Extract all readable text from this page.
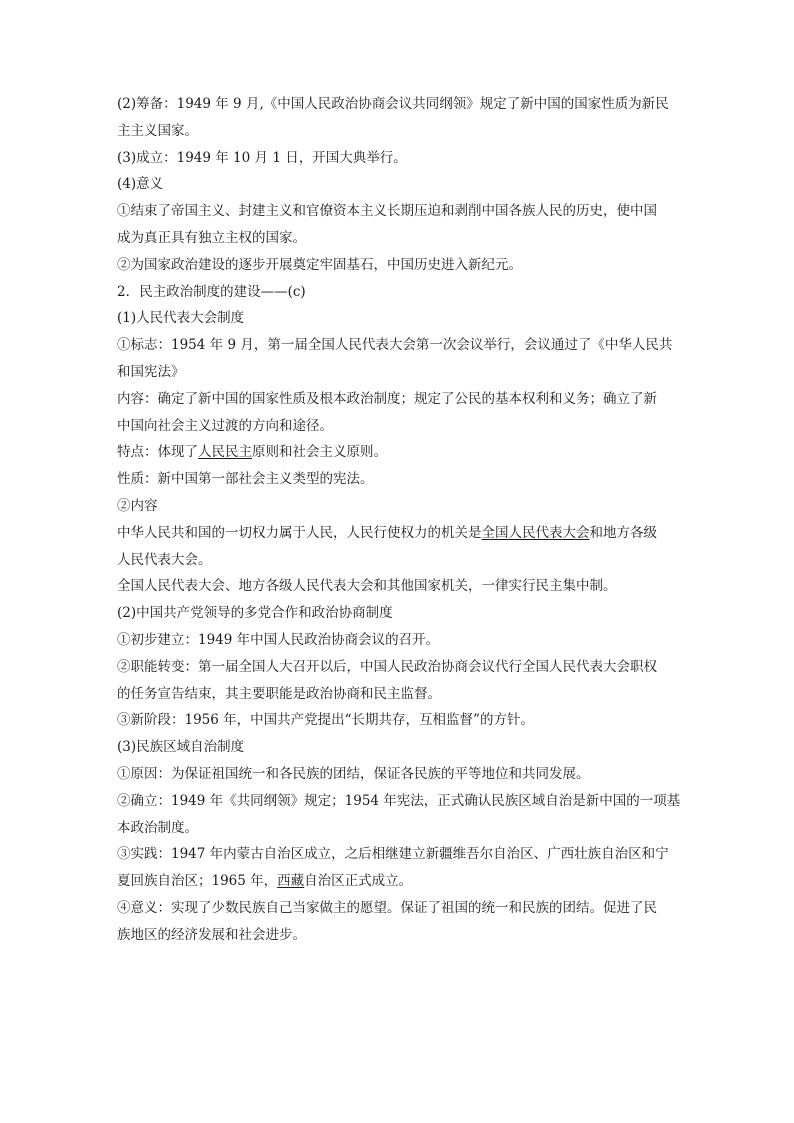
(2)筹备：1949 年 9 月,《中国人民政治协商会议共同纲领》规定了新中国的国家性质为新民
主主义国家。
(3)成立：1949 年 10 月 1 日，开国大典举行。
(4)意义
①结束了帝国主义、封建主义和官僚资本主义长期压迫和剥削中国各族人民的历史，使中国
成为真正具有独立主权的国家。
②为国家政治建设的逐步开展奠定牢固基石，中国历史进入新纪元。
2．民主政治制度的建设——(c)
(1)人民代表大会制度
①标志：1954 年 9 月，第一届全国人民代表大会第一次会议举行，会议通过了《中华人民共
和国宪法》
内容：确定了新中国的国家性质及根本政治制度；规定了公民的基本权利和义务；确立了新
中国向社会主义过渡的方向和途径。
特点：体现了人民民主原则和社会主义原则。
性质：新中国第一部社会主义类型的宪法。
②内容
中华人民共和国的一切权力属于人民，人民行使权力的机关是全国人民代表大会和地方各级
人民代表大会。
全国人民代表大会、地方各级人民代表大会和其他国家机关，一律实行民主集中制。
(2)中国共产党领导的多党合作和政治协商制度
①初步建立：1949 年中国人民政治协商会议的召开。
②职能转变：第一届全国人大召开以后，中国人民政治协商会议代行全国人民代表大会职权
的任务宣告结束，其主要职能是政治协商和民主监督。
③新阶段：1956 年，中国共产党提出“长期共存，互相监督”的方针。
(3)民族区域自治制度
①原因：为保证祖国统一和各民族的团结，保证各民族的平等地位和共同发展。
②确立：1949 年《共同纲领》规定；1954 年宪法，正式确认民族区域自治是新中国的一项基
本政治制度。
③实践：1947 年内蒙古自治区成立，之后相继建立新疆维吾尔自治区、广西壮族自治区和宁
夏回族自治区；1965 年，西藏自治区正式成立。
④意义：实现了少数民族自己当家做主的愿望。保证了祖国的统一和民族的团结。促进了民
族地区的经济发展和社会进步。
